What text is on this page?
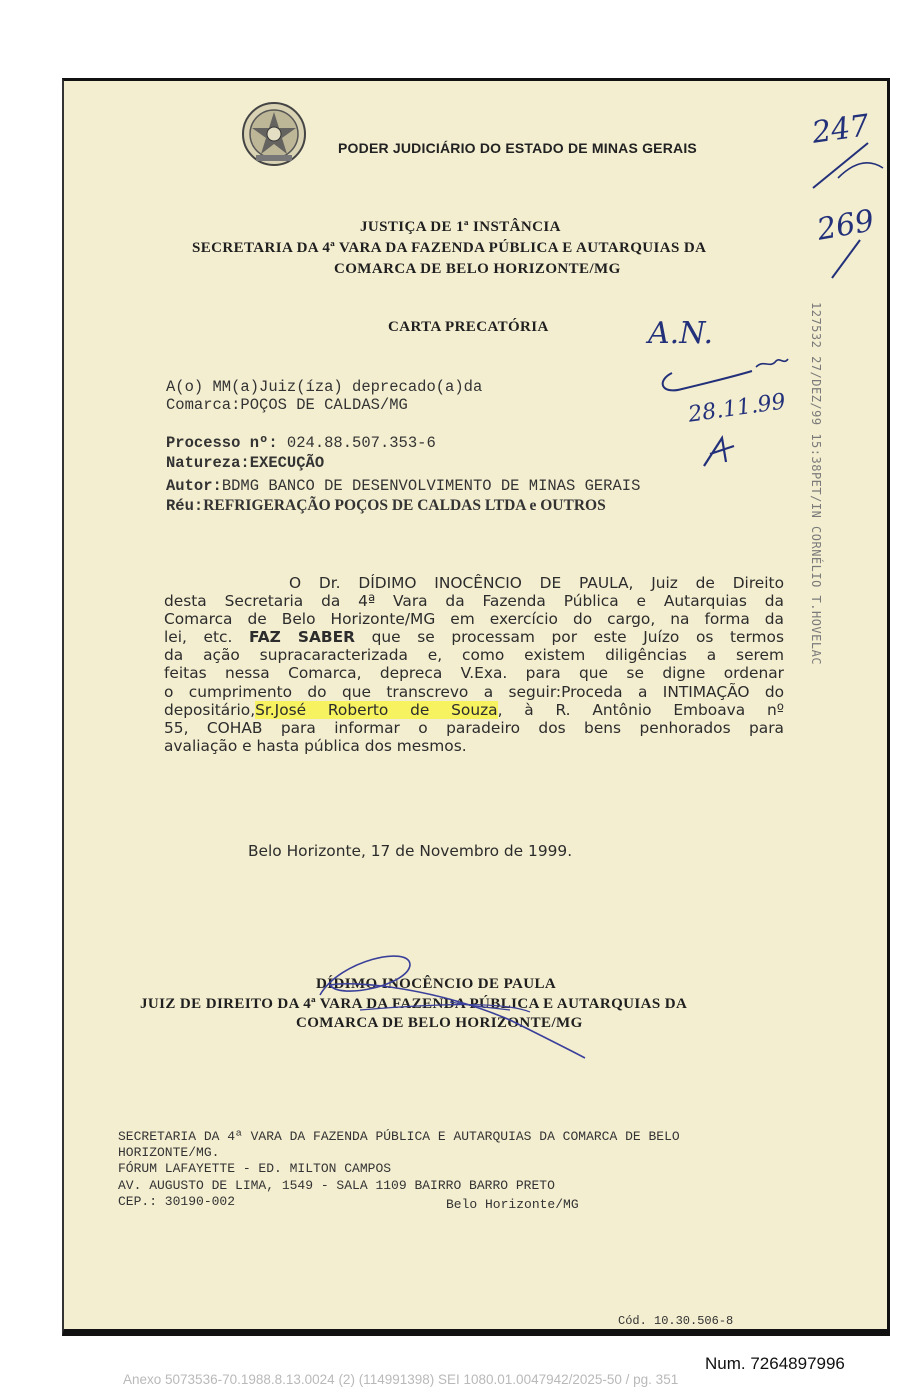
PODER JUDICIÁRIO DO ESTADO DE MINAS GERAIS
JUSTIÇA DE 1ª INSTÂNCIA
SECRETARIA DA 4ª VARA DA FAZENDA PÚBLICA E AUTARQUIAS DA
COMARCA DE BELO HORIZONTE/MG
CARTA PRECATÓRIA
A(o) MM(a)Juiz(íza) deprecado(a)da
Comarca:POÇOS DE CALDAS/MG
Processo nº: 024.88.507.353-6
Natureza:EXECUÇÃO
Autor:BDMG BANCO DE DESENVOLVIMENTO DE MINAS GERAIS
Réu:REFRIGERAÇÃO POÇOS DE CALDAS LTDA e OUTROS
O Dr. DÍDIMO INOCÊNCIO DE PAULA, Juiz de Direito
desta Secretaria da 4ª Vara da Fazenda Pública e Autarquias da
Comarca de Belo Horizonte/MG em exercício do cargo, na forma da
lei, etc. FAZ SABER que se processam por este Juízo os termos
da ação supracaracterizada e, como existem diligências a serem
feitas nessa Comarca, depreca V.Exa. para que se digne ordenar
o cumprimento do que transcrevo a seguir:Proceda a INTIMAÇÃO do
depositário,Sr.José Roberto de Souza, à R. Antônio Emboava nº
55, COHAB para informar o paradeiro dos bens penhorados para
avaliação e hasta pública dos mesmos.
Belo Horizonte, 17 de Novembro de 1999.
DÍDIMO INOCÊNCIO DE PAULA
JUIZ DE DIREITO DA 4ª VARA DA FAZENDA PÚBLICA E AUTARQUIAS DA
COMARCA DE BELO HORIZONTE/MG
SECRETARIA DA 4ª VARA DA FAZENDA PÚBLICA E AUTARQUIAS DA COMARCA DE BELO
HORIZONTE/MG.
FÓRUM LAFAYETTE - ED. MILTON CAMPOS
AV. AUGUSTO DE LIMA, 1549 - SALA 1109 BAIRRO BARRO PRETO
CEP.: 30190-002	Belo Horizonte/MG
Cód. 10.30.506-8
127532 27/DEZ/99 15:38PET/IN CORNÉLIO T.HOVELAC
247
269
A.N.
28.11.99
Num. 7264897996
Anexo 5073536-70.1988.8.13.0024 (2) (114991398) SEI 1080.01.0047942/2025-50 / pg. 351
